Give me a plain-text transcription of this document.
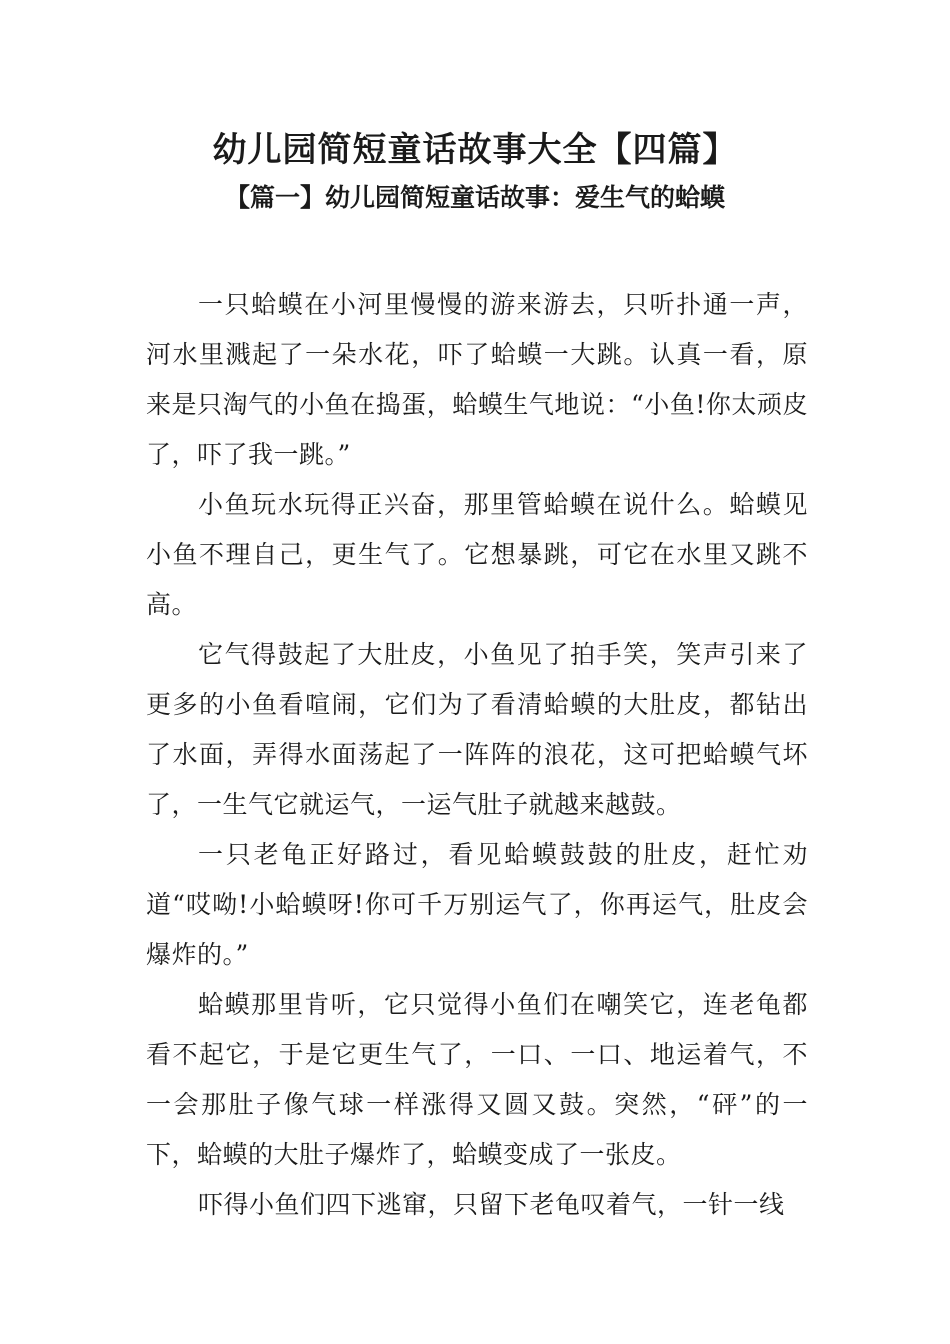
幼儿园简短童话故事大全【四篇】
【篇一】幼儿园简短童话故事：爱生气的蛤蟆

一只蛤蟆在小河里慢慢的游来游去，只听扑通一声，河水里溅起了一朵水花，吓了蛤蟆一大跳。认真一看，原来是只淘气的小鱼在捣蛋，蛤蟆生气地说：“小鱼!你太顽皮了，吓了我一跳。”

小鱼玩水玩得正兴奋，那里管蛤蟆在说什么。蛤蟆见小鱼不理自己，更生气了。它想暴跳，可它在水里又跳不高。

它气得鼓起了大肚皮，小鱼见了拍手笑，笑声引来了更多的小鱼看喧闹，它们为了看清蛤蟆的大肚皮，都钻出了水面，弄得水面荡起了一阵阵的浪花，这可把蛤蟆气坏了，一生气它就运气，一运气肚子就越来越鼓。

一只老龟正好路过，看见蛤蟆鼓鼓的肚皮，赶忙劝道“哎呦!小蛤蟆呀!你可千万别运气了，你再运气，肚皮会爆炸的。”

蛤蟆那里肯听，它只觉得小鱼们在嘲笑它，连老龟都看不起它，于是它更生气了，一口、一口、地运着气，不一会那肚子像气球一样涨得又圆又鼓。突然，“砰”的一下，蛤蟆的大肚子爆炸了，蛤蟆变成了一张皮。

吓得小鱼们四下逃窜，只留下老龟叹着气，一针一线
